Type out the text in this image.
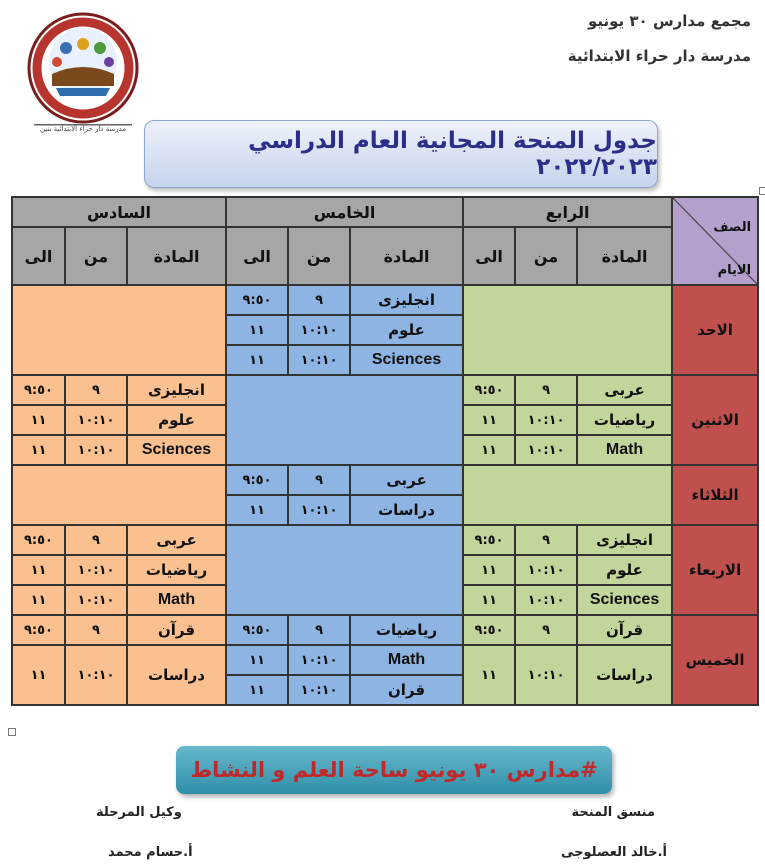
مجمع مدارس ٣٠ يونيو
مدرسة دار حراء الابتدائية
مدرسة دار حراء الابتدائية بنين	جدول المنحة المجانية العام الدراسي ٢٠٢٢/٢٠٢٣
السادس			الخامس			الرابع			الصف
الايام

الى	من	المادة	الى	من	المادة	الى	من	المادة	
			٩:٥٠	٩	انجليزى				الاحد
			١١	١٠:١٠	علوم				
			١١	١٠:١٠	Sciences				
٩:٥٠	٩	انجليزى				٩:٥٠	٩	عربى	الاثنين
١١	١٠:١٠	علوم				١١	١٠:١٠	رياضيات	
١١	١٠:١٠	Sciences				١١	١٠:١٠	Math	
			٩:٥٠	٩	عربى				الثلاثاء
			١١	١٠:١٠	دراسات				
٩:٥٠	٩	عربى				٩:٥٠	٩	انجليزى	الاربعاء
١١	١٠:١٠	رياضيات				١١	١٠:١٠	علوم	
١١	١٠:١٠	Math				١١	١٠:١٠	Sciences	
٩:٥٠	٩	قرآن	٩:٥٠	٩	رياضيات	٩:٥٠	٩	قرآن	الخميس
١١	١٠:١٠	دراسات	١١	١٠:١٠	Math	١١	١٠:١٠	دراسات	
			١١	١٠:١٠	قران				
#مدارس ٣٠ يونيو ساحة العلم و النشاط
منسق المنحة
أ.خالد العصلوجى
وكيل المرحلة
أ.حسام محمد
